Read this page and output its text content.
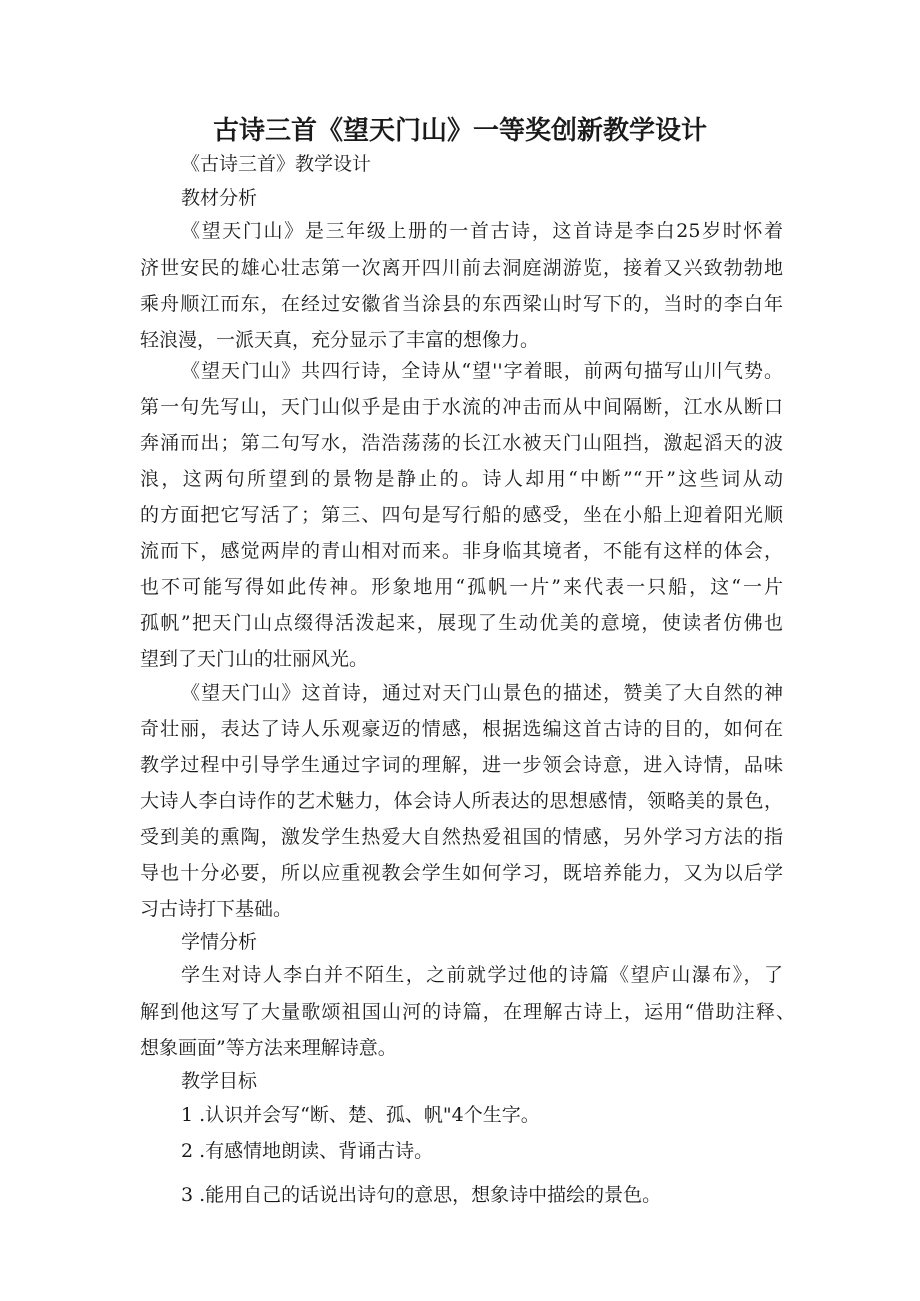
古诗三首《望天门山》一等奖创新教学设计

《古诗三首》教学设计

教材分析

《望天门山》是三年级上册的一首古诗，这首诗是李白25岁时怀着

济世安民的雄心壮志第一次离开四川前去洞庭湖游览，接着又兴致勃勃地

乘舟顺江而东，在经过安徽省当涂县的东西梁山时写下的，当时的李白年

轻浪漫，一派天真，充分显示了丰富的想像力。

《望天门山》共四行诗，全诗从“望''字着眼，前两句描写山川气势。

第一句先写山，天门山似乎是由于水流的冲击而从中间隔断，江水从断口

奔涌而出；第二句写水，浩浩荡荡的长江水被天门山阻挡，激起滔天的波

浪，这两句所望到的景物是静止的。诗人却用“中断”“开”这些词从动

的方面把它写活了；第三、四句是写行船的感受，坐在小船上迎着阳光顺

流而下，感觉两岸的青山相对而来。非身临其境者，不能有这样的体会，

也不可能写得如此传神。形象地用“孤帆一片”来代表一只船，这“一片

孤帆”把天门山点缀得活泼起来，展现了生动优美的意境，使读者仿佛也

望到了天门山的壮丽风光。

《望天门山》这首诗，通过对天门山景色的描述，赞美了大自然的神

奇壮丽，表达了诗人乐观豪迈的情感，根据选编这首古诗的目的，如何在

教学过程中引导学生通过字词的理解，进一步领会诗意，进入诗情，品味

大诗人李白诗作的艺术魅力，体会诗人所表达的思想感情，领略美的景色，

受到美的熏陶，激发学生热爱大自然热爱祖国的情感，另外学习方法的指

导也十分必要，所以应重视教会学生如何学习，既培养能力，又为以后学

习古诗打下基础。

学情分析

学生对诗人李白并不陌生，之前就学过他的诗篇《望庐山瀑布》，了

解到他这写了大量歌颂祖国山河的诗篇，在理解古诗上，运用“借助注释、

想象画面”等方法来理解诗意。

教学目标

1 .认识并会写“断、楚、孤、帆"4个生字。

2 .有感情地朗读、背诵古诗。

3 .能用自己的话说出诗句的意思，想象诗中描绘的景色。
